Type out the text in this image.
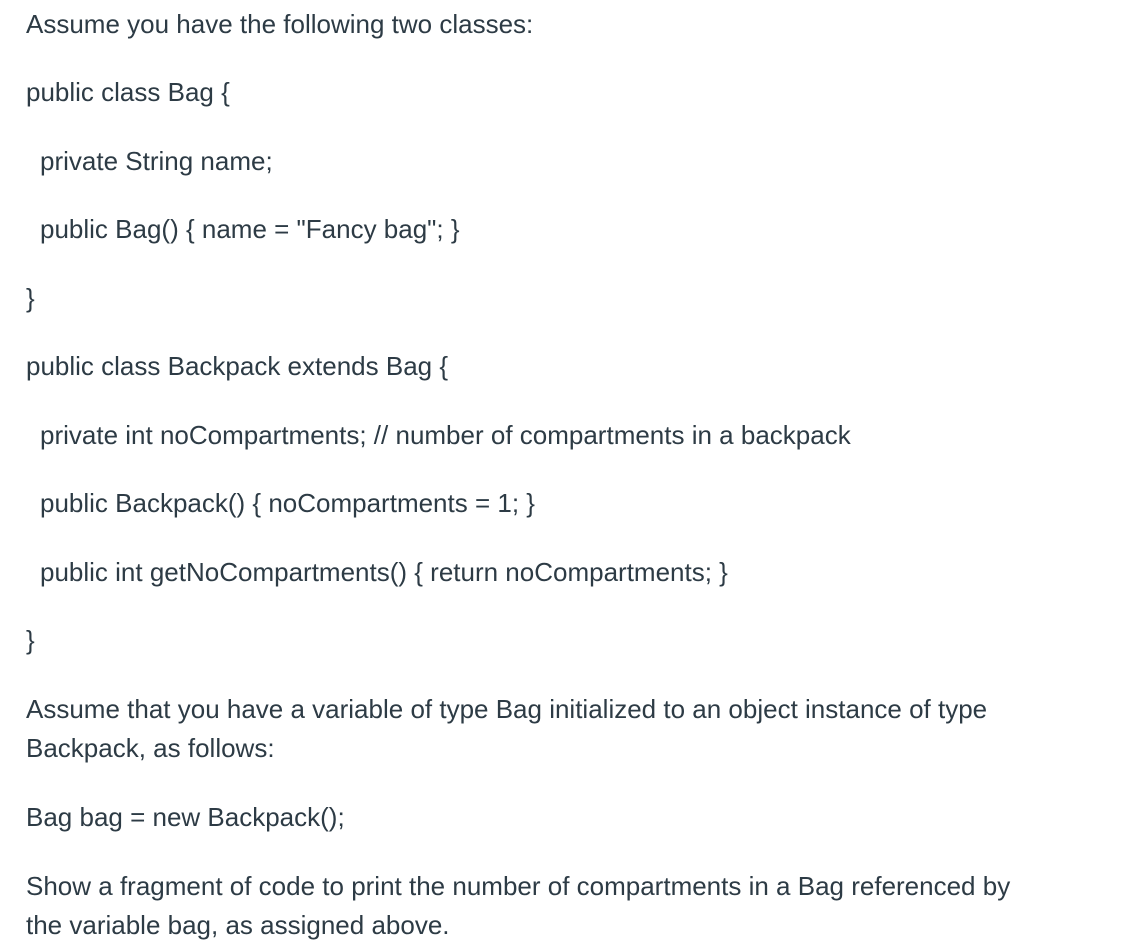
Assume you have the following two classes:

public class Bag {

private String name;

public Bag() { name = "Fancy bag"; }

}

public class Backpack extends Bag {

private int noCompartments; // number of compartments in a backpack

public Backpack() { noCompartments = 1; }

public int getNoCompartments() { return noCompartments; }

}

Assume that you have a variable of type Bag initialized to an object instance of type

Backpack, as follows:

Bag bag = new Backpack();

Show a fragment of code to print the number of compartments in a Bag referenced by

the variable bag, as assigned above.
